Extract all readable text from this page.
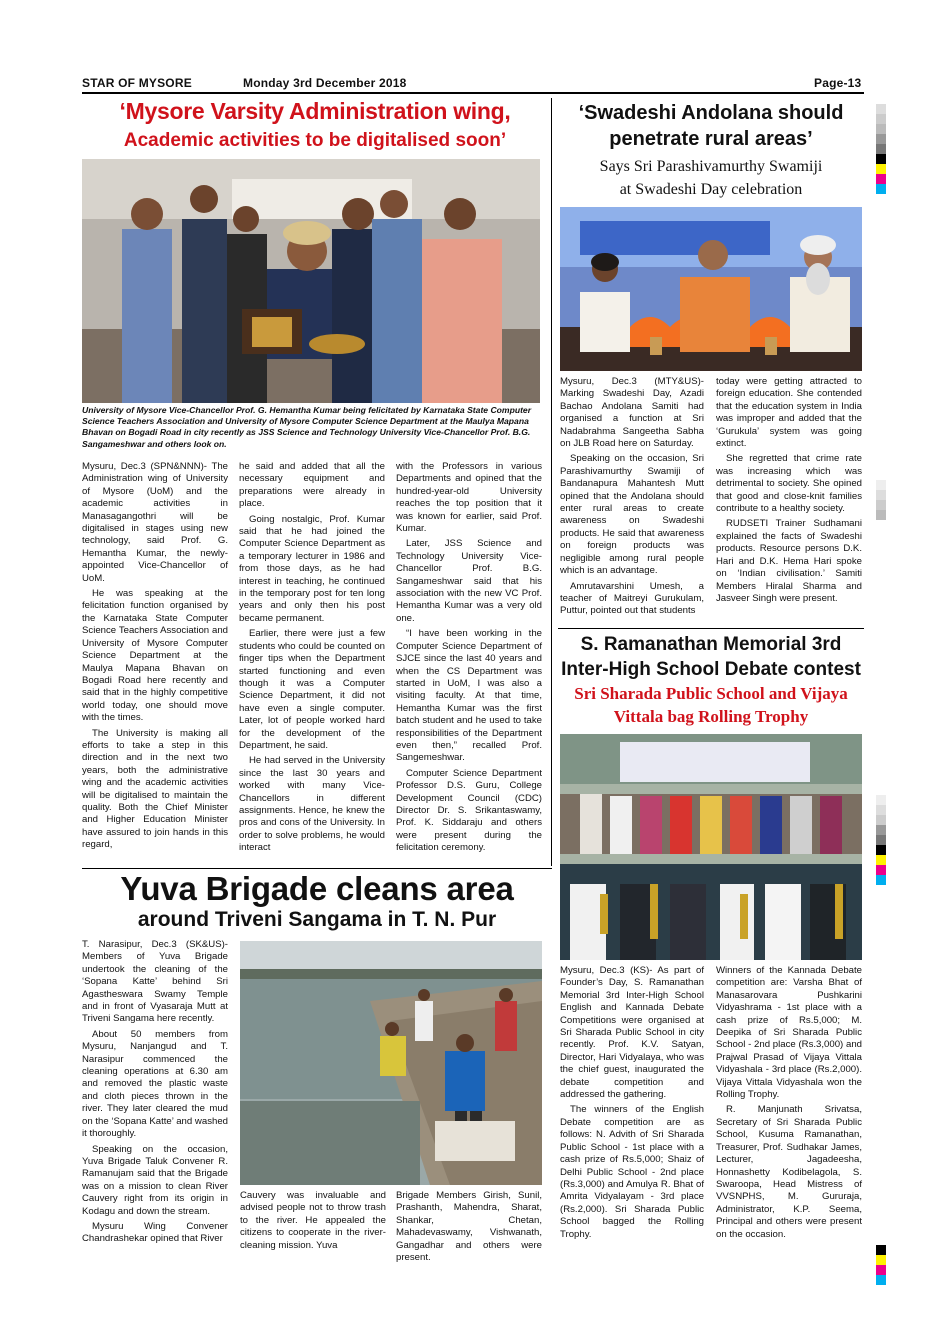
STAR OF MYSORE	Monday 3rd December 2018	Page-13
‘Mysore Varsity Administration wing,
Academic activities to be digitalised soon’
University of Mysore Vice-Chancellor Prof. G. Hemantha Kumar being felicitated by Karnataka State Computer Science Teachers Association and University of Mysore Computer Science Department at the Maulya Mapana Bhavan on Bogadi Road in city recently as JSS Science and Technology University Vice-Chancellor Prof. B.G. Sangameshwar and others look on.

Mysuru, Dec.3 (SPN&NNN)- The Administration wing of University of Mysore (UoM) and the academic activities in Manasagangothri will be digitalised in stages using new technology, said Prof. G. Hemantha Kumar, the newly-appointed Vice-Chancellor of UoM.

He was speaking at the felicitation function organised by the Karnataka State Computer Science Teachers Association and University of Mysore Computer Science Department at the Maulya Mapana Bhavan on Bogadi Road here recently and said that in the highly competitive world today, one should move with the times.

The University is making all efforts to take a step in this direction and in the next two years, both the administrative wing and the academic activities will be digitalised to maintain the quality. Both the Chief Minister and Higher Education Minister have assured to join hands in this regard,

he said and added that all the necessary equipment and preparations were already in place.

Going nostalgic, Prof. Kumar said that he had joined the Computer Science Department as a temporary lecturer in 1986 and from those days, as he had interest in teaching, he continued in the temporary post for ten long years and only then his post became permanent.

Earlier, there were just a few students who could be counted on finger tips when the Department started functioning and even though it was a Computer Science Department, it did not have even a single computer. Later, lot of people worked hard for the development of the Department, he said.

He had served in the University since the last 30 years and worked with many Vice-Chancellors in different assignments. Hence, he knew the pros and cons of the University. In order to solve problems, he would interact

with the Professors in various Departments and opined that the hundred-year-old University reaches the top position that it was known for earlier, said Prof. Kumar.

Later, JSS Science and Technology University Vice-Chancellor Prof. B.G. Sangameshwar said that his association with the new VC Prof. Hemantha Kumar was a very old one.

“I have been working in the Computer Science Department of SJCE since the last 40 years and when the CS Department was started in UoM, I was also a visiting faculty. At that time, Hemantha Kumar was the first batch student and he used to take responsibilities of the Department even then,” recalled Prof. Sangemeshwar.

Computer Science Department Professor D.S. Guru, College Development Council (CDC) Director Dr. S. Srikantaswamy, Prof. K. Siddaraju and others were present during the felicitation ceremony.

‘Swadeshi Andolana should
penetrate rural areas’
Says Sri Parashivamurthy Swamiji
at Swadeshi Day celebration

Mysuru, Dec.3 (MTY&US)- Marking Swadeshi Day, Azadi Bachao Andolana Samiti had organised a function at Sri Nadabrahma Sangeetha Sabha on JLB Road here on Saturday.

Speaking on the occasion, Sri Parashivamurthy Swamiji of Bandanapura Mahantesh Mutt opined that the Andolana should enter rural areas to create awareness on Swadeshi products. He said that awareness on foreign products was negligible among rural people which is an advantage.

Amrutavarshini Umesh, a teacher of Maitreyi Gurukulam, Puttur, pointed out that students

today were getting attracted to foreign education. She contended that the education system in India was improper and added that the ‘Gurukula’ system was going extinct.

She regretted that crime rate was increasing which was detrimental to society. She opined that good and close-knit families contribute to a healthy society.

RUDSETI Trainer Sudhamani explained the facts of Swadeshi products. Resource persons D.K. Hari and D.K. Hema Hari spoke on ‘Indian civilisation.’ Samiti Members Hiralal Sharma and Jasveer Singh were present.

S. Ramanathan Memorial 3rd
Inter-High School Debate contest
Sri Sharada Public School and Vijaya
Vittala bag Rolling Trophy

Mysuru, Dec.3 (KS)- As part of Founder’s Day, S. Ramanathan Memorial 3rd Inter-High School English and Kannada Debate Competitions were organised at Sri Sharada Public School in city recently. Prof. K.V. Satyan, Director, Hari Vidyalaya, who was the chief guest, inaugurated the debate competition and addressed the gathering.

The winners of the English Debate competition are as follows: N. Advith of Sri Sharada Public School - 1st place with a cash prize of Rs.5,000; Shaiz of Delhi Public School - 2nd place (Rs.3,000) and Amulya R. Bhat of Amrita Vidyalayam - 3rd place (Rs.2,000). Sri Sharada Public School bagged the Rolling Trophy.

Winners of the Kannada Debate competition are: Varsha Bhat of Manasarovara Pushkarini Vidyashrama - 1st place with a cash prize of Rs.5,000; M. Deepika of Sri Sharada Public School - 2nd place (Rs.3,000) and Prajwal Prasad of Vijaya Vittala Vidyashala - 3rd place (Rs.2,000). Vijaya Vittala Vidyashala won the Rolling Trophy.

R. Manjunath Srivatsa, Secretary of Sri Sharada Public School, Kusuma Ramanathan, Treasurer, Prof. Sudhakar James, Lecturer, Jagadeesha, Honnashetty Kodibelagola, S. Swaroopa, Head Mistress of VVSNPHS, M. Gururaja, Administrator, K.P. Seema, Principal and others were present on the occasion.

Yuva Brigade cleans area
around Triveni Sangama in T. N. Pur

T. Narasipur, Dec.3 (SK&US)- Members of Yuva Brigade undertook the cleaning of the ‘Sopana Katte’ behind Sri Agastheswara Swamy Temple and in front of Vyasaraja Mutt at Triveni Sangama here recently.

About 50 members from Mysuru, Nanjangud and T. Narasipur commenced the cleaning operations at 6.30 am and removed the plastic waste and cloth pieces thrown in the river. They later cleared the mud on the ‘Sopana Katte’ and washed it thoroughly.

Speaking on the occasion, Yuva Brigade Taluk Convener R. Ramanujam said that the Brigade was on a mission to clean River Cauvery right from its origin in Kodagu and down the stream.

Mysuru Wing Convener Chandrashekar opined that River

Cauvery was invaluable and advised people not to throw trash to the river. He appealed the citizens to cooperate in the river-cleaning mission. Yuva

Brigade Members Girish, Sunil, Prashanth, Mahendra, Sharat, Shankar, Chetan, Mahadevaswamy, Vishwanath, Gangadhar and others were present.
